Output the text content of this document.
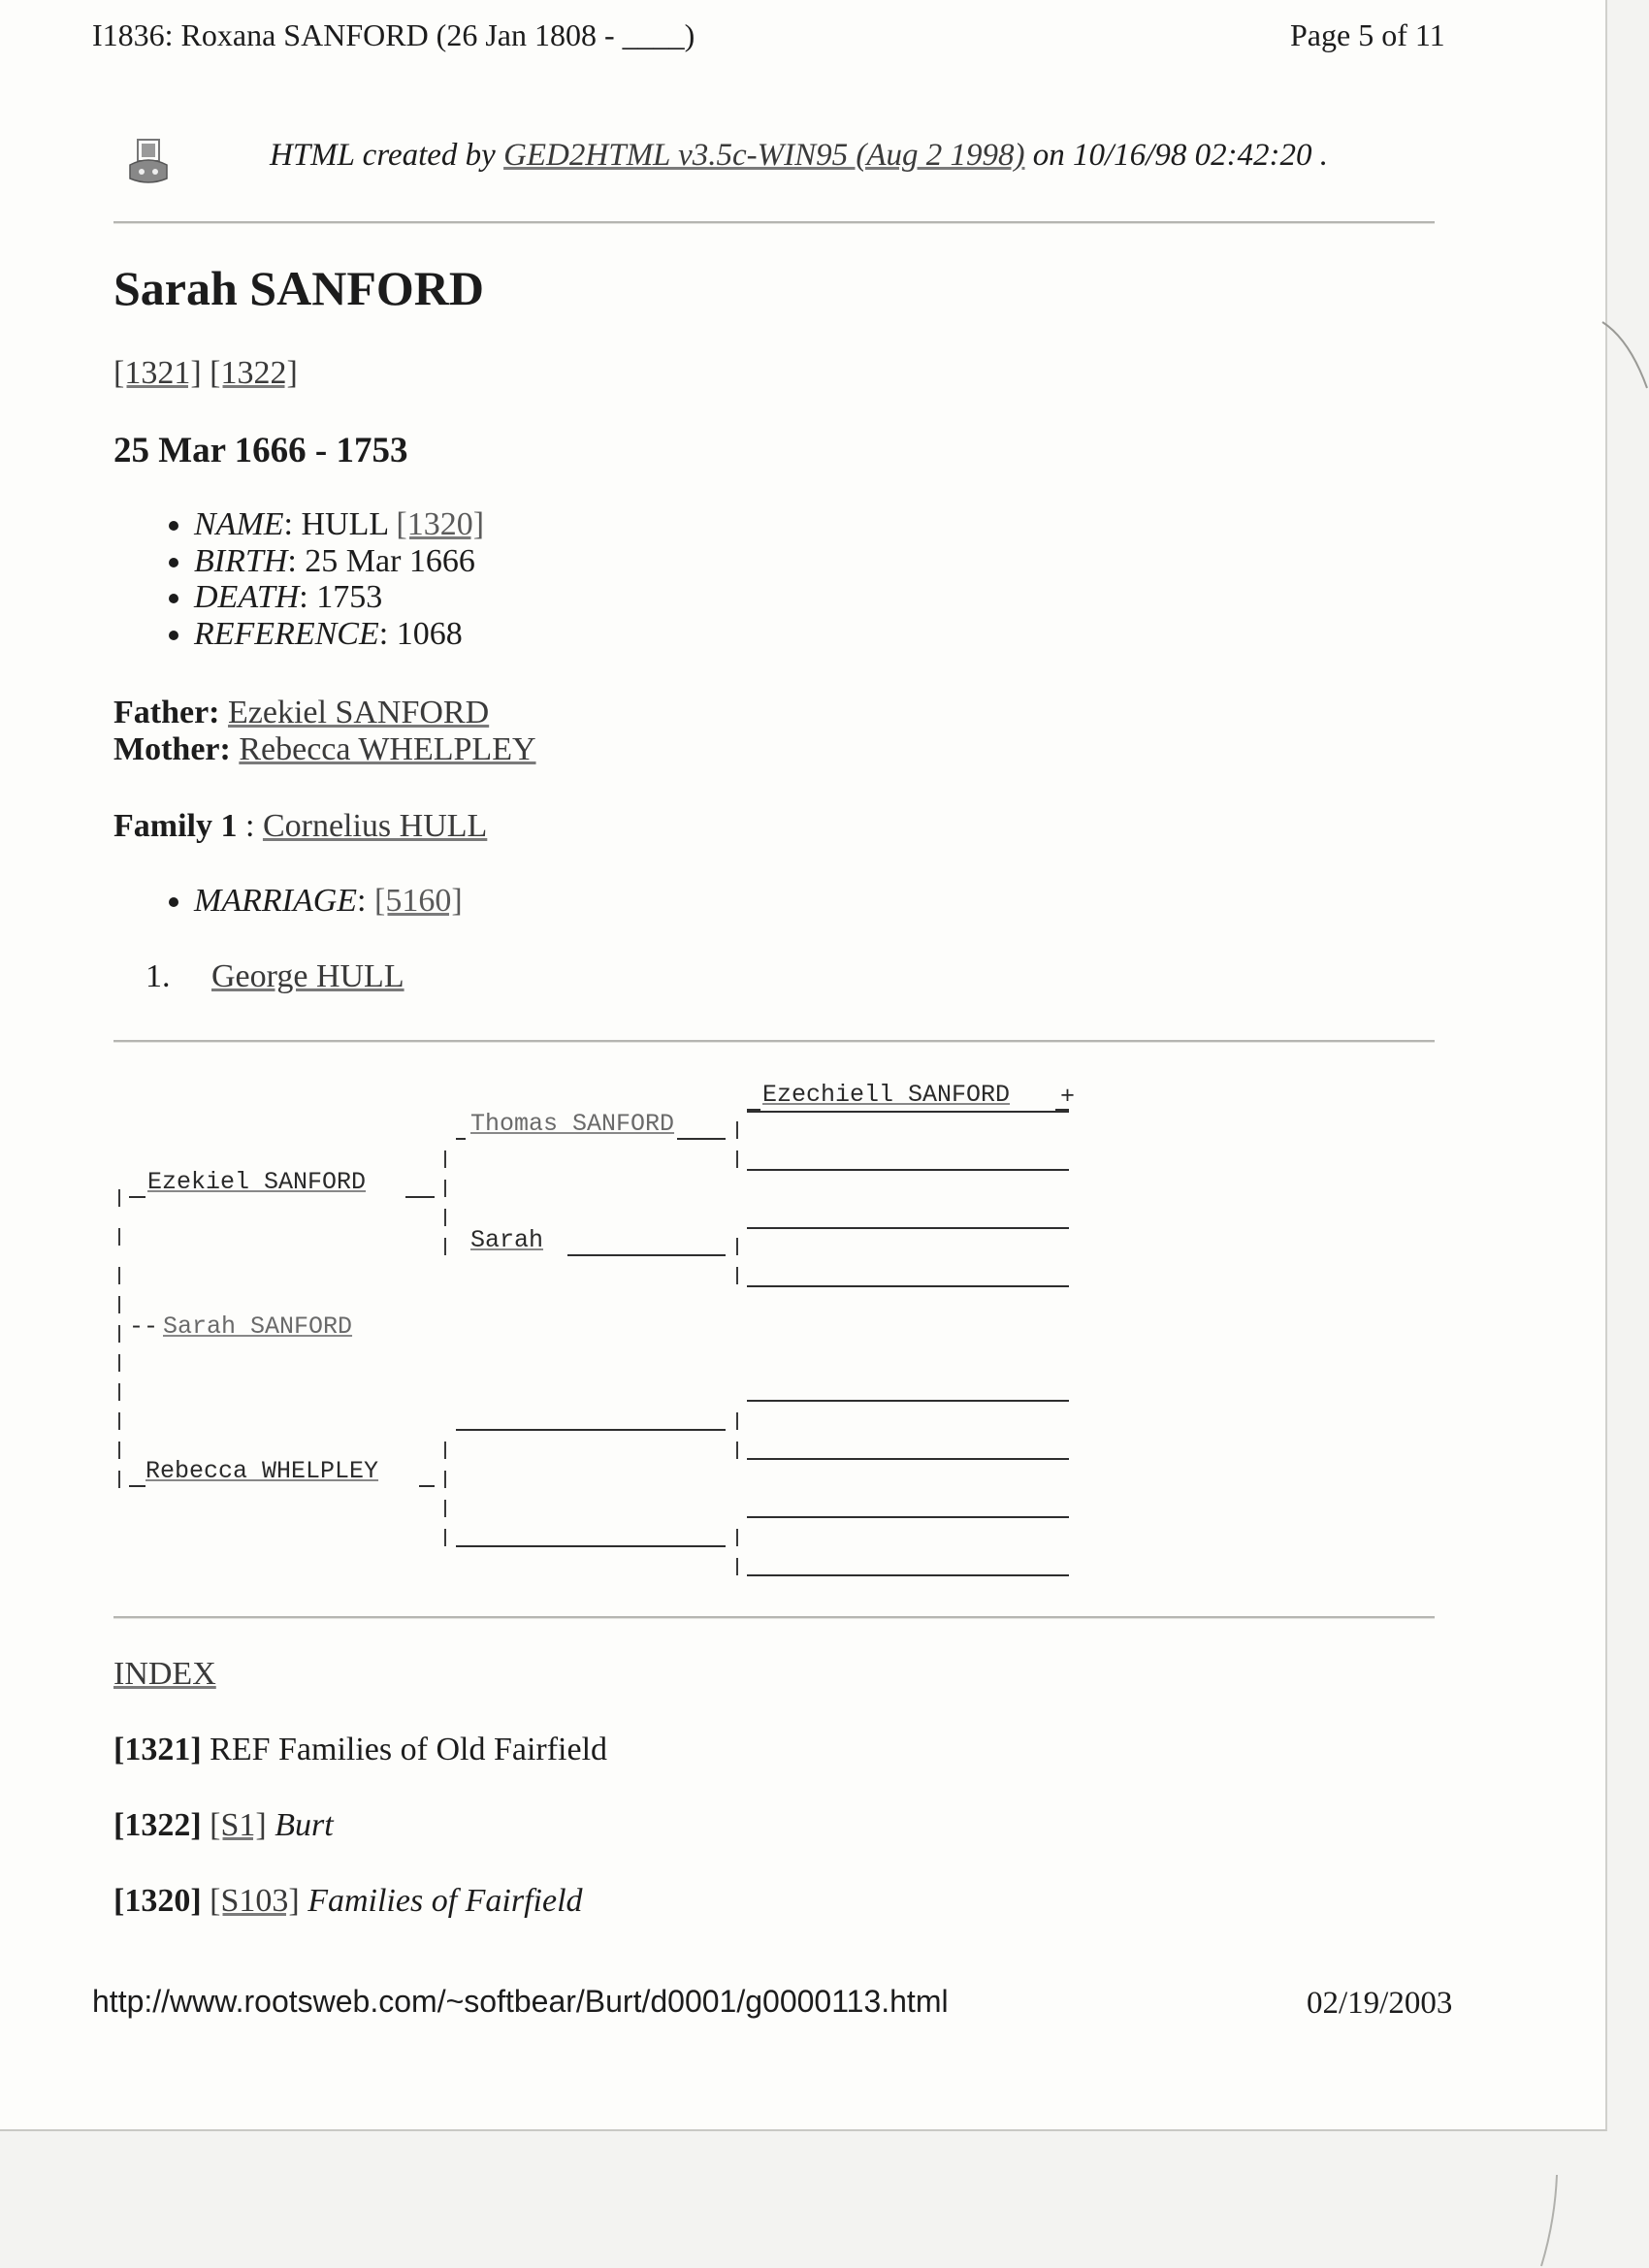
I1836: Roxana SANFORD (26 Jan 1808 - ____)	Page 5 of 11
HTML created by GED2HTML v3.5c-WIN95 (Aug 2 1998) on 10/16/98 02:42:20 .
Sarah SANFORD
[1321] [1322]
25 Mar 1666 - 1753
• NAME: HULL [1320]
• BIRTH: 25 Mar 1666
• DEATH: 1753
• REFERENCE: 1068
Father: Ezekiel SANFORD
Mother: Rebecca WHELPLEY
Family 1 : Cornelius HULL
• MARRIAGE: [5160]
1. George HULL
Ezechiell SANFORD +
Thomas SANFORD
Ezekiel SANFORD
Sarah
-- Sarah SANFORD
Rebecca WHELPLEY
INDEX
[1321] REF Families of Old Fairfield
[1322] [S1] Burt
[1320] [S103] Families of Fairfield
http://www.rootsweb.com/~softbear/Burt/d0001/g0000113.html	02/19/2003
